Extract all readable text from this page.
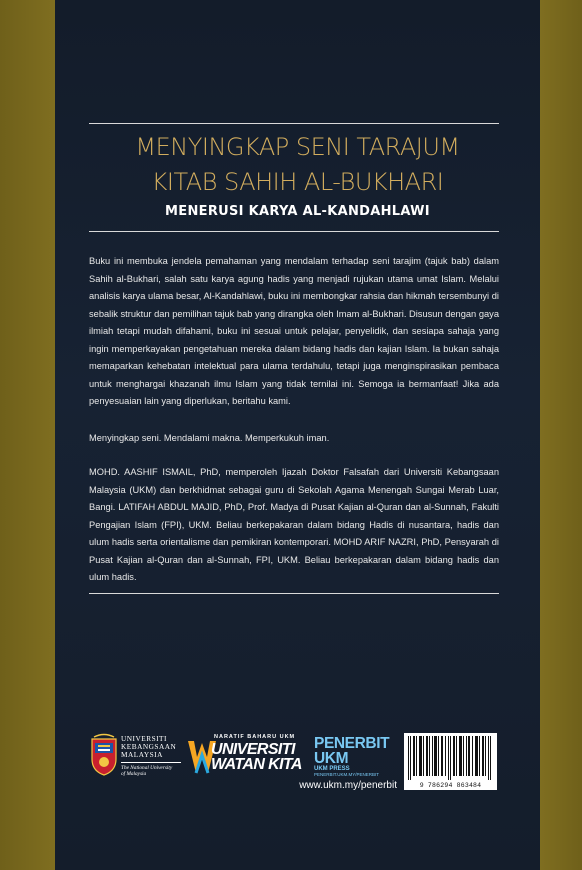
MENYINGKAP SENI TARAJUM
KITAB SAHIH AL-BUKHARI
MENERUSI KARYA AL-KANDAHLAWI
Buku ini membuka jendela pemahaman yang mendalam terhadap seni tarajim (tajuk bab) dalam Sahih al-Bukhari, salah satu karya agung hadis yang menjadi rujukan utama umat Islam. Melalui analisis karya ulama besar, Al-Kandahlawi, buku ini membongkar rahsia dan hikmah tersembunyi di sebalik struktur dan pemilihan tajuk bab yang dirangka oleh Imam al-Bukhari. Disusun dengan gaya ilmiah tetapi mudah difahami, buku ini sesuai untuk pelajar, penyelidik, dan sesiapa sahaja yang ingin memperkayakan pengetahuan mereka dalam bidang hadis dan kajian Islam. Ia bukan sahaja memaparkan kehebatan intelektual para ulama terdahulu, tetapi juga menginspirasikan pembaca untuk menghargai khazanah ilmu Islam yang tidak ternilai ini. Semoga ia bermanfaat! Jika ada penyesuaian lain yang diperlukan, beritahu kami.
Menyingkap seni. Mendalami makna. Memperkukuh iman.
MOHD. AASHIF ISMAIL, PhD, memperoleh Ijazah Doktor Falsafah dari Universiti Kebangsaan Malaysia (UKM) dan berkhidmat sebagai guru di Sekolah Agama Menengah Sungai Merab Luar, Bangi. LATIFAH ABDUL MAJID, PhD, Prof. Madya di Pusat Kajian al-Quran dan al-Sunnah, Fakulti Pengajian Islam (FPI), UKM. Beliau berkepakaran dalam bidang Hadis di nusantara, hadis dan ulum hadis serta orientalisme dan pemikiran kontemporari. MOHD ARIF NAZRI, PhD, Pensyarah di Pusat Kajian al-Quran dan al-Sunnah, FPI, UKM. Beliau berkepakaran dalam bidang hadis dan ulum hadis.
UNIVERSITI
KEBANGSAAN
MALAYSIA
The National University
of Malaysia
NARATIF BAHARU UKM
UNIVERSITI
WATAN KITA
PENERBIT
UKM
UKM PRESS
PENERBIT.UKM.MY/PENERBIT
www.ukm.my/penerbit	9 786294 863484
